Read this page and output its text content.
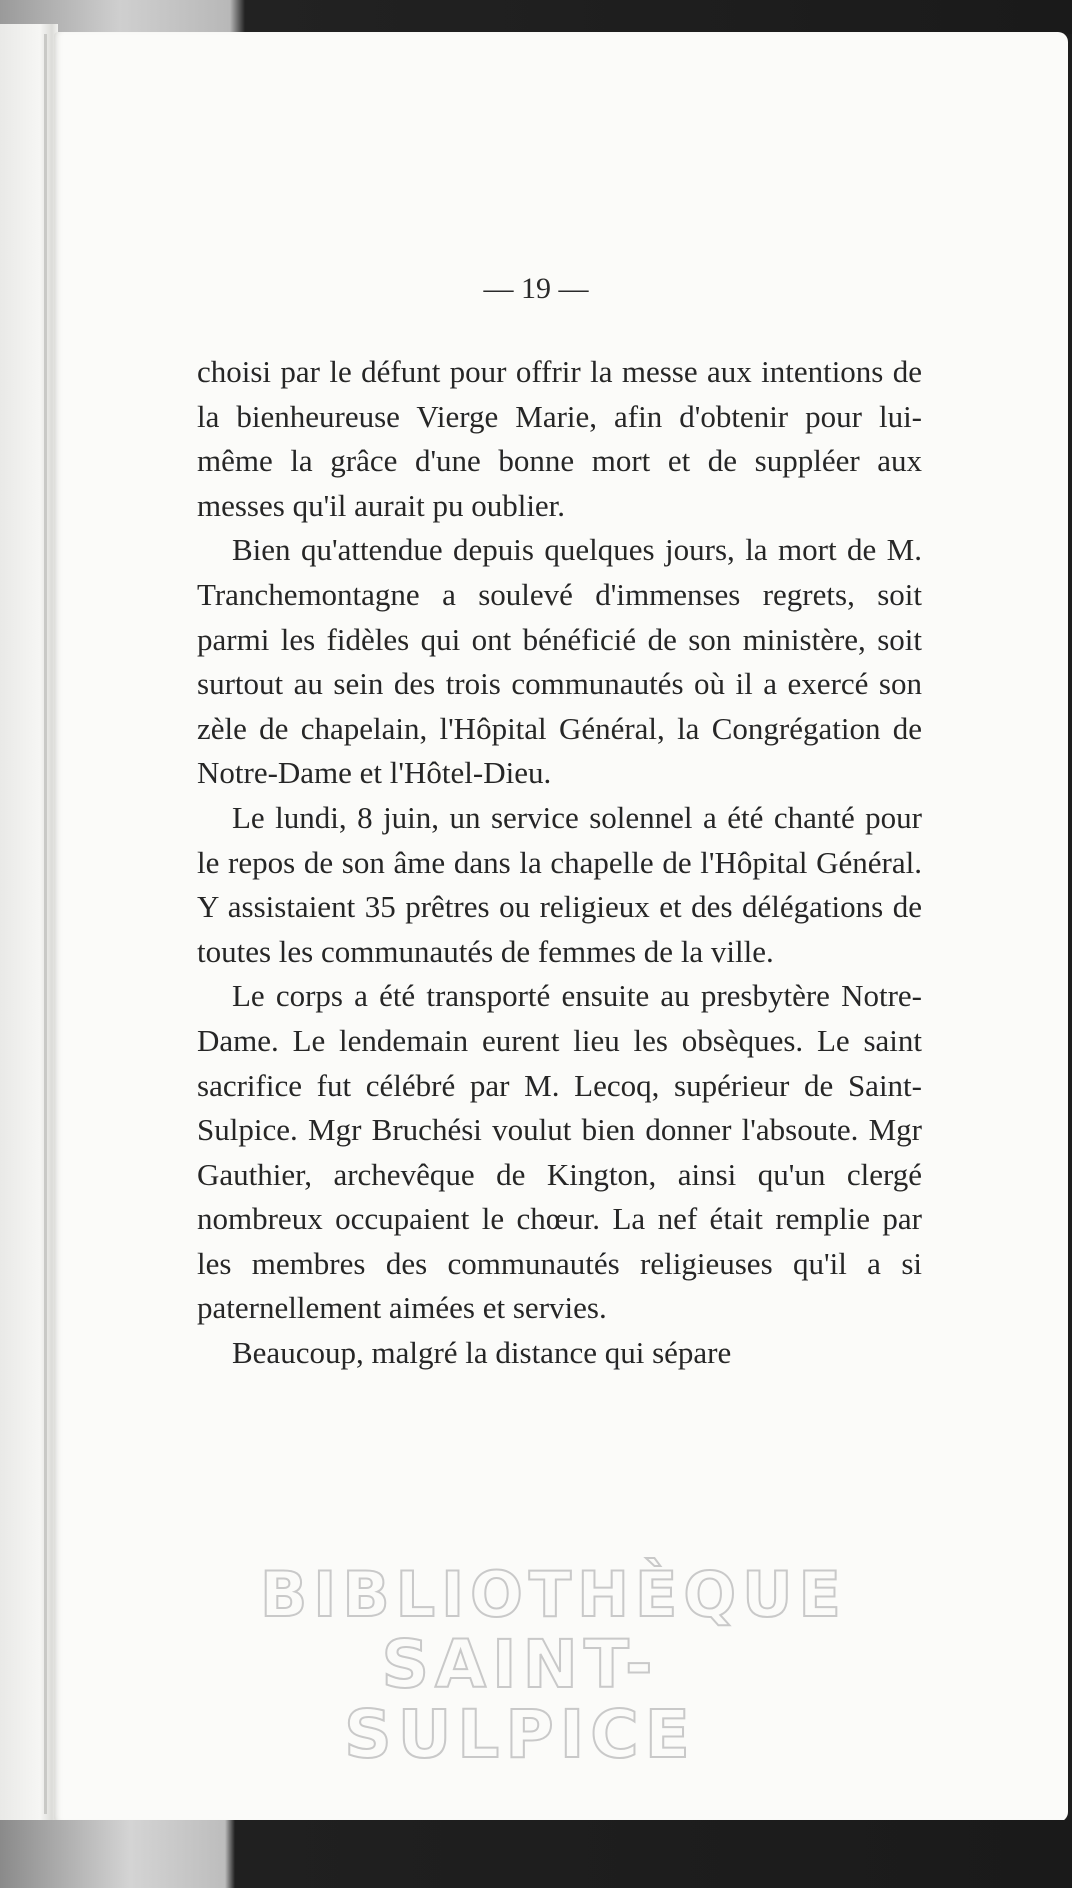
— 19 —

choisi par le défunt pour offrir la messe aux intentions de la bienheureuse Vierge Marie, afin d'obtenir pour lui-même la grâce d'une bonne mort et de suppléer aux messes qu'il aurait pu oublier.

Bien qu'attendue depuis quelques jours, la mort de M. Tranchemontagne a soulevé d'immenses regrets, soit parmi les fidèles qui ont bénéficié de son ministère, soit surtout au sein des trois communautés où il a exercé son zèle de chapelain, l'Hôpital Général, la Congrégation de Notre-Dame et l'Hôtel-Dieu.

Le lundi, 8 juin, un service solennel a été chanté pour le repos de son âme dans la chapelle de l'Hôpital Général. Y assistaient 35 prêtres ou religieux et des délégations de toutes les communautés de femmes de la ville.

Le corps a été transporté ensuite au presbytère Notre-Dame. Le lendemain eurent lieu les obsèques. Le saint sacrifice fut célébré par M. Lecoq, supérieur de Saint-Sulpice. Mgr Bruchési voulut bien donner l'absoute. Mgr Gauthier, archevêque de Kington, ainsi qu'un clergé nombreux occupaient le chœur. La nef était remplie par les membres des communautés religieuses qu'il a si paternellement aimées et servies.

Beaucoup, malgré la distance qui sépare

BIBLIOTHÈQUE
SAINT-SULPICE
